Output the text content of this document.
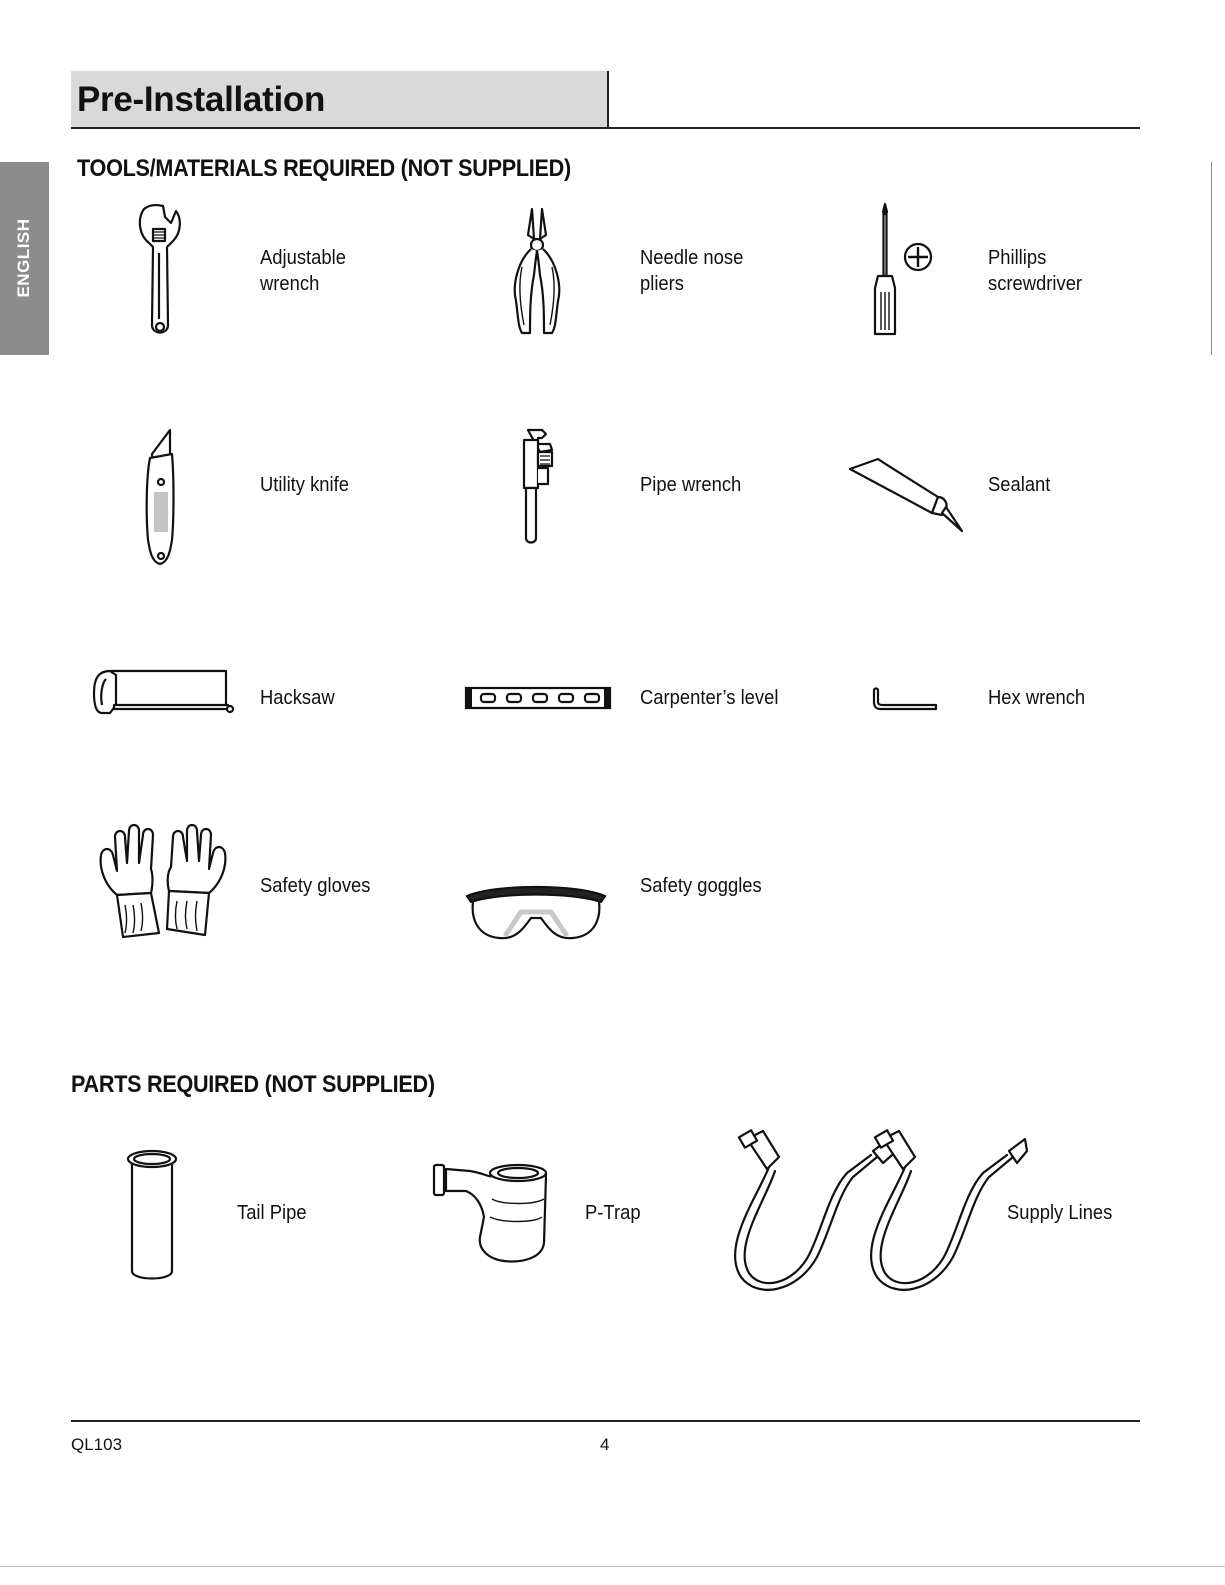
Pre-Installation
ENGLISH
TOOLS/MATERIALS REQUIRED (NOT SUPPLIED)
Adjustable
wrench
Needle nose
pliers
Phillips
screwdriver
Utility knife	Pipe wrench	Sealant
Hacksaw	Carpenter’s level	Hex wrench
Safety gloves	Safety goggles
PARTS REQUIRED (NOT SUPPLIED)
Tail Pipe	P-Trap	Supply Lines
QL103	4
